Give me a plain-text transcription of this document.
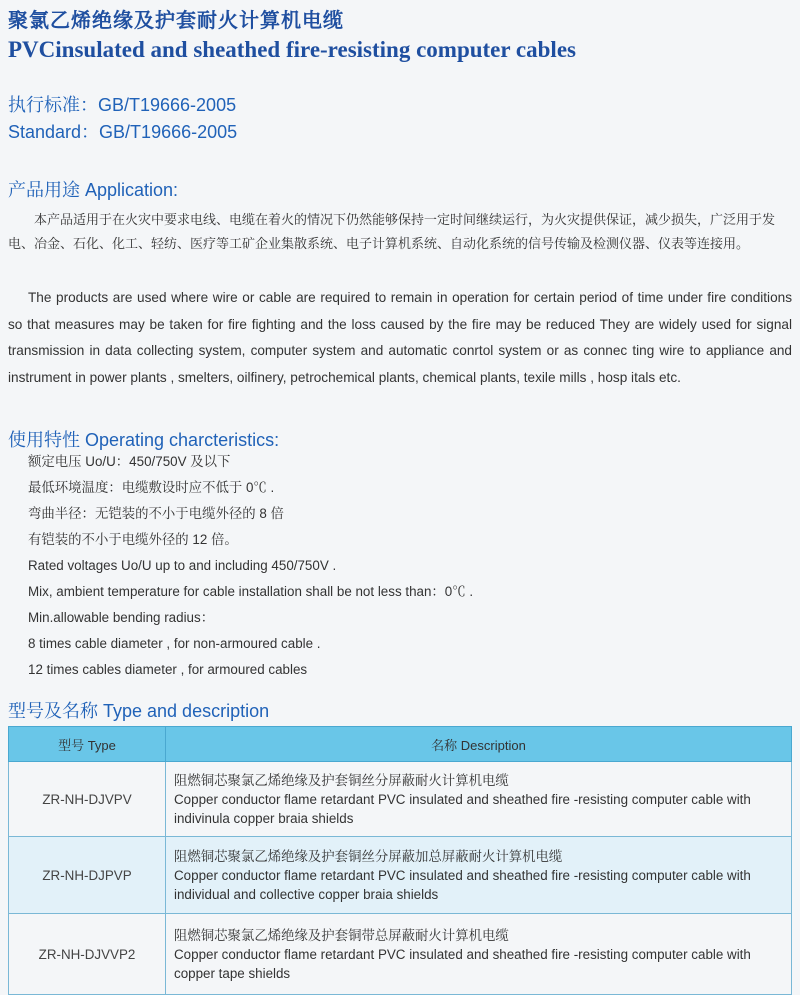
聚氯乙烯绝缘及护套耐火计算机电缆
PVCinsulated and sheathed fire-resisting computer cables
执行标准：GB/T19666-2005
Standard：GB/T19666-2005
产品用途 Application:
本产品适用于在火灾中要求电线、电缆在着火的情况下仍然能够保持一定时间继续运行，为火灾提供保证，减少损失，广泛用于发电、冶金、石化、化工、轻纺、医疗等工矿企业集散系统、电子计算机系统、自动化系统的信号传输及检测仪器、仪表等连接用。
The products are used where wire or cable are required to remain in operation for certain period of time under fire conditions so that measures may be taken for fire fighting and the loss caused by the fire may be reduced They are widely used for signal transmission in data collecting system, computer system and automatic conrtol system or as connec ting wire to appliance and instrument in power plants , smelters, oilfinery, petrochemical plants, chemical plants, texile mills , hosp itals etc.
使用特性 Operating charcteristics:
额定电压 Uo/U：450/750V 及以下
最低环境温度：电缆敷设时应不低于 0℃ .
弯曲半径：无铠装的不小于电缆外径的 8 倍
有铠装的不小于电缆外径的 12 倍。
Rated voltages Uo/U up to and including 450/750V .
Mix, ambient temperature for cable installation shall be not less than：0℃ .
Min.allowable bending radius：
8 times cable diameter , for non-armoured cable .
12 times cables diameter , for armoured cables
型号及名称 Type and description
型号 Type	名称 Description
ZR-NH-DJVPV	阻燃铜芯聚氯乙烯绝缘及护套铜丝分屏蔽耐火计算机电缆
Copper conductor flame retardant PVC insulated and sheathed fire -resisting computer cable with indivinula copper braia shields

ZR-NH-DJPVP	阻燃铜芯聚氯乙烯绝缘及护套铜丝分屏蔽加总屏蔽耐火计算机电缆
Copper conductor flame retardant PVC insulated and sheathed fire -resisting computer cable with individual and collective copper braia shields

ZR-NH-DJVVP2	阻燃铜芯聚氯乙烯绝缘及护套铜带总屏蔽耐火计算机电缆
Copper conductor flame retardant PVC insulated and sheathed fire -resisting computer cable with copper tape shields
